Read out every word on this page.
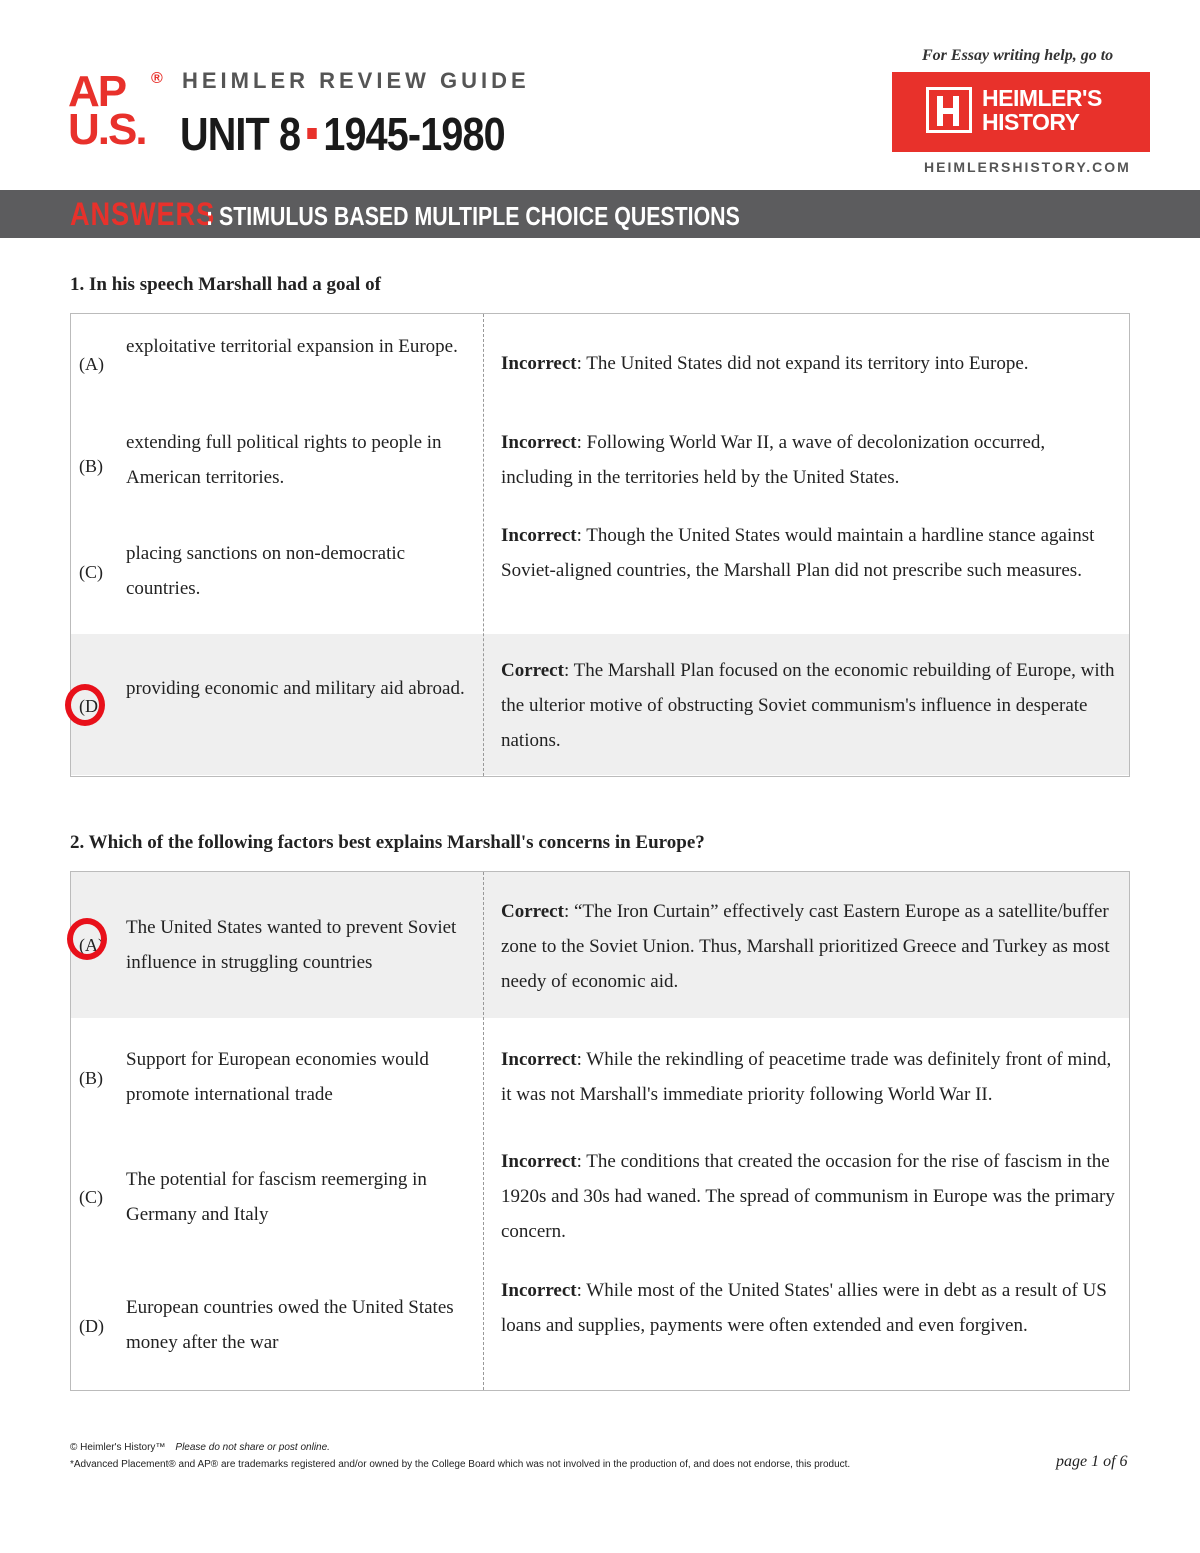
AP ®
U.S.
HEIMLER REVIEW GUIDE
UNIT 8 1945-1980
For Essay writing help, go to
HEIMLER'S
HISTORY
HEIMLERSHISTORY.COM
ANSWERS
: STIMULUS BASED MULTIPLE CHOICE QUESTIONS
1. In his speech Marshall had a goal of
(A)
exploitative territorial expansion in Europe.
Incorrect: The United States did not expand its territory into Europe.
(B)
extending full political rights to people in American territories.
Incorrect: Following World War II, a wave of decolonization occurred, including in the territories held by the United States.
(C)
placing sanctions on non-democratic countries.
Incorrect: Though the United States would maintain a hardline stance against Soviet-aligned countries, the Marshall Plan did not prescribe such measures.
(D)
providing economic and military aid abroad.
Correct: The Marshall Plan focused on the economic rebuilding of Europe, with the ulterior motive of obstructing Soviet communism's influence in desperate nations.
2. Which of the following factors best explains Marshall's concerns in Europe?
(A)
The United States wanted to prevent Soviet influence in struggling countries
Correct: “The Iron Curtain” effectively cast Eastern Europe as a satellite/buffer zone to the Soviet Union. Thus, Marshall prioritized Greece and Turkey as most needy of economic aid.
(B)
Support for European economies would promote international trade
Incorrect: While the rekindling of peacetime trade was definitely front of mind, it was not Marshall's immediate priority following World War II.
(C)
The potential for fascism reemerging in Germany and Italy
Incorrect: The conditions that created the occasion for the rise of fascism in the 1920s and 30s had waned. The spread of communism in Europe was the primary concern.
(D)
European countries owed the United States money after the war
Incorrect: While most of the United States' allies were in debt as a result of US loans and supplies, payments were often extended and even forgiven.
© Heimler's History™ Please do not share or post online.
*Advanced Placement® and AP® are trademarks registered and/or owned by the College Board which was not involved in the production of, and does not endorse, this product.	page 1 of 6
